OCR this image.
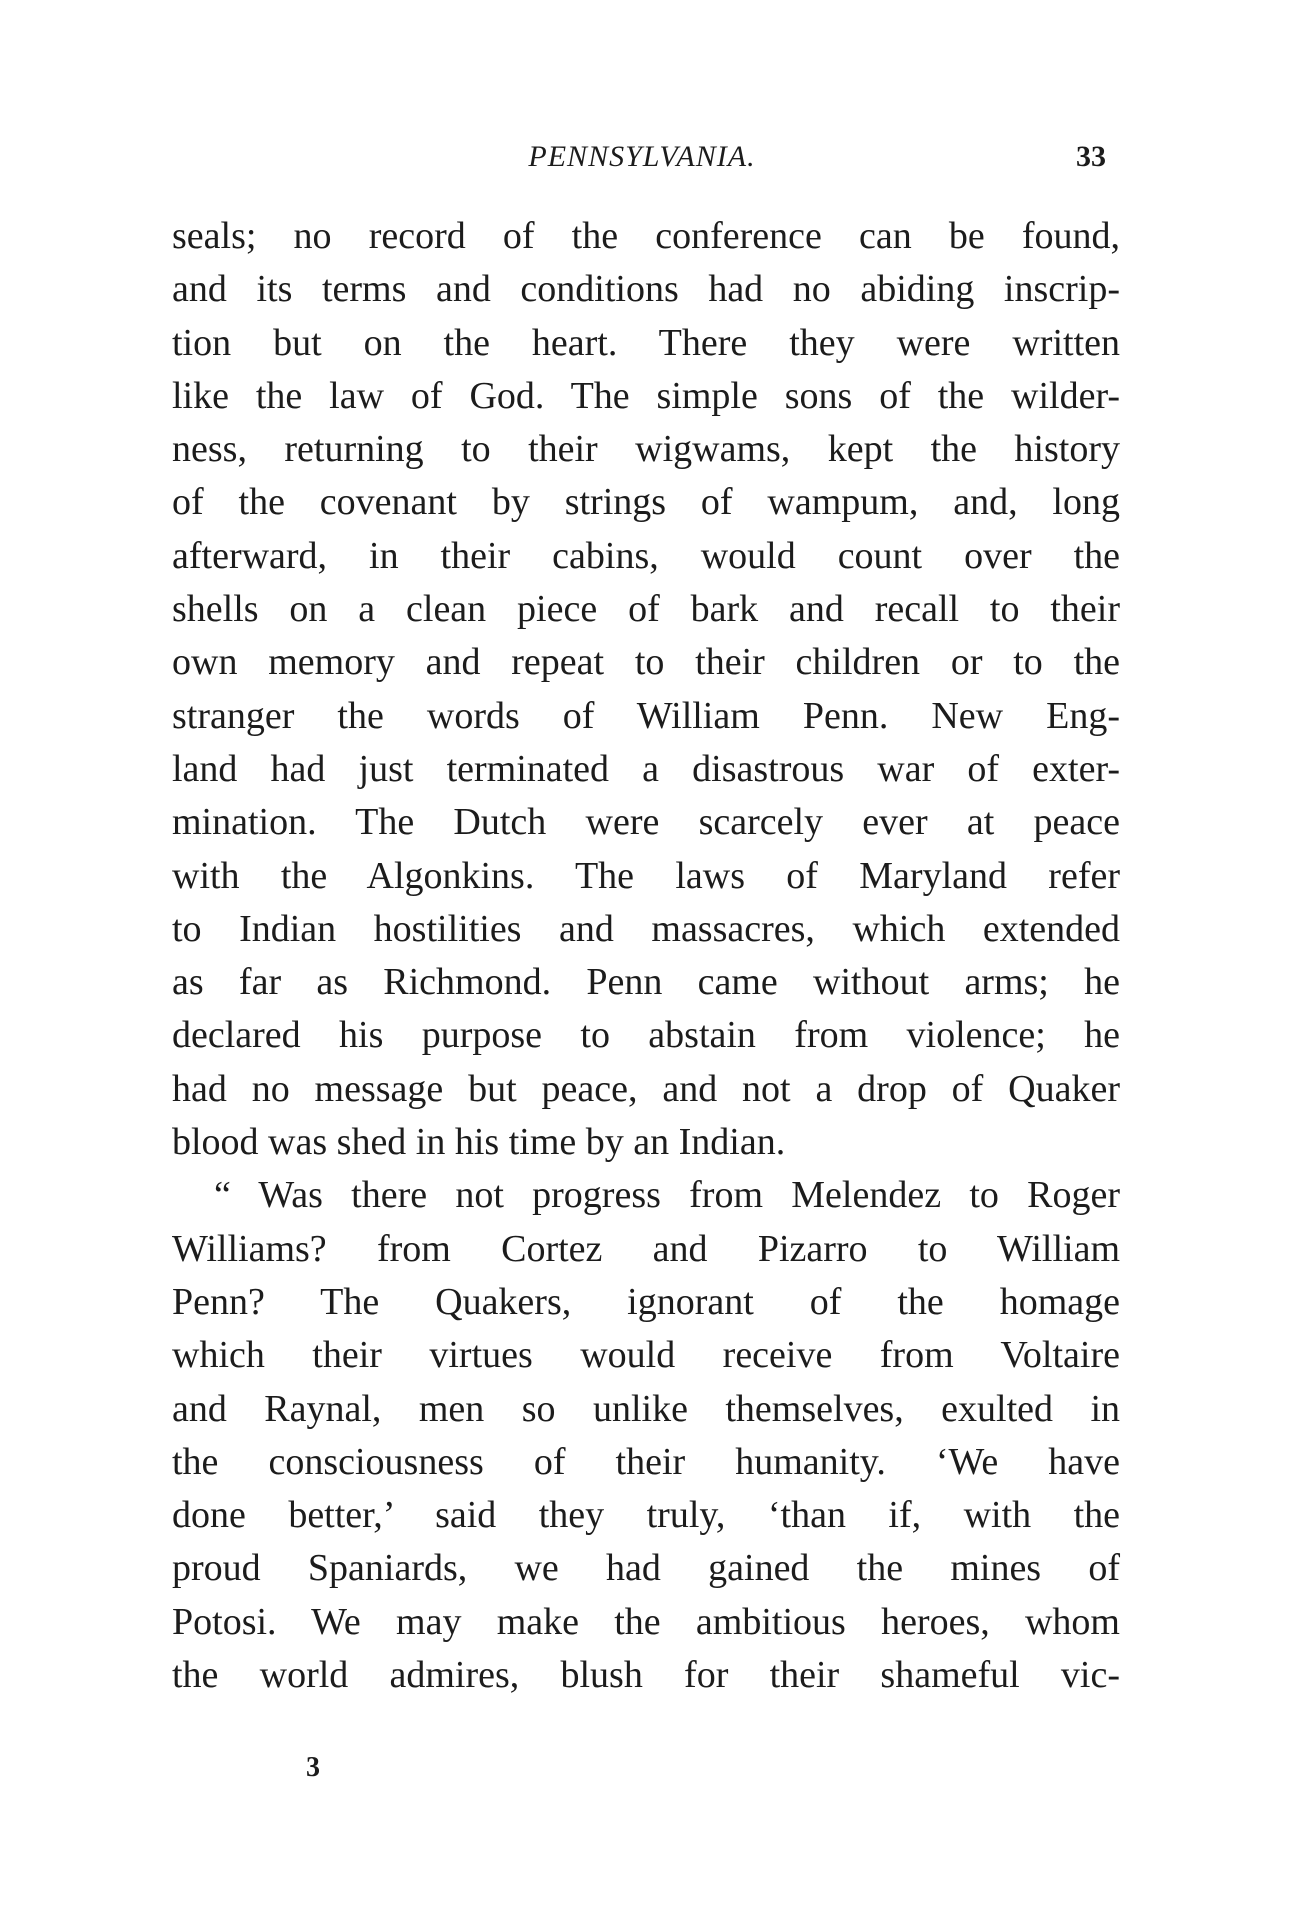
PENNSYLVANIA.	33
seals; no record of the conference can be found,
and its terms and conditions had no abiding inscrip-
tion but on the heart. There they were written
like the law of God. The simple sons of the wilder-
ness, returning to their wigwams, kept the history
of the covenant by strings of wampum, and, long
afterward, in their cabins, would count over the
shells on a clean piece of bark and recall to their
own memory and repeat to their children or to the
stranger the words of William Penn. New Eng-
land had just terminated a disastrous war of exter-
mination. The Dutch were scarcely ever at peace
with the Algonkins. The laws of Maryland refer
to Indian hostilities and massacres, which extended
as far as Richmond. Penn came without arms; he
declared his purpose to abstain from violence; he
had no message but peace, and not a drop of Quaker
blood was shed in his time by an Indian.
“ Was there not progress from Melendez to Roger
Williams? from Cortez and Pizarro to William
Penn? The Quakers, ignorant of the homage
which their virtues would receive from Voltaire
and Raynal, men so unlike themselves, exulted in
the consciousness of their humanity. ‘We have
done better,’ said they truly, ‘than if, with the
proud Spaniards, we had gained the mines of
Potosi. We may make the ambitious heroes, whom
the world admires, blush for their shameful vic-
3
